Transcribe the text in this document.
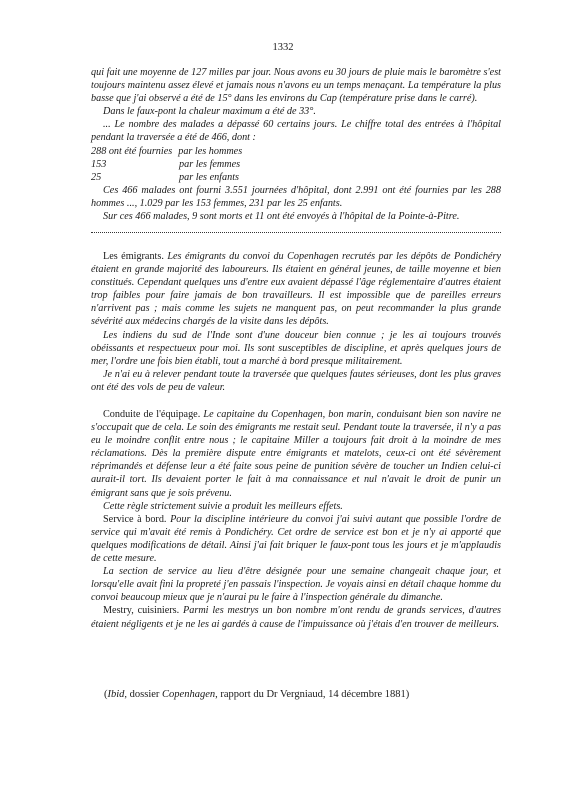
1332

qui fait une moyenne de 127 milles par jour. Nous avons eu 30 jours de pluie mais le baromètre s'est toujours maintenu assez élevé et jamais nous n'avons eu un temps menaçant. La température la plus basse que j'ai observé a été de 15° dans les environs du Cap (température prise dans le carré).

Dans le faux-pont la chaleur maximum a été de 33°.

... Le nombre des malades a dépassé 60 certains jours. Le chiffre total des entrées à l'hôpital pendant la traversée a été de 466, dont :

288 ont été fournies par les hommes
153	par les femmes
25	par les enfants

Ces 466 malades ont fourni 3.551 journées d'hôpital, dont 2.991 ont été fournies par les 288 hommes ..., 1.029 par les 153 femmes, 231 par les 25 enfants.

Sur ces 466 malades, 9 sont morts et 11 ont été envoyés à l'hôpital de la Pointe-à-Pitre.

Les émigrants. Les émigrants du convoi du Copenhagen recrutés par les dépôts de Pondichéry étaient en grande majorité des laboureurs. Ils étaient en général jeunes, de taille moyenne et bien constitués. Cependant quelques uns d'entre eux avaient dépassé l'âge réglementaire d'autres étaient trop faibles pour faire jamais de bon travailleurs. Il est impossible que de pareilles erreurs n'arrivent pas ; mais comme les sujets ne manquent pas, on peut recommander la plus grande sévérité aux médecins chargés de la visite dans les dépôts.

Les indiens du sud de l'Inde sont d'une douceur bien connue ; je les ai toujours trouvés obéissants et respectueux pour moi. Ils sont susceptibles de discipline, et après quelques jours de mer, l'ordre une fois bien établi, tout a marché à bord presque militairement.

Je n'ai eu à relever pendant toute la traversée que quelques fautes sérieuses, dont les plus graves ont été des vols de peu de valeur.

Conduite de l'équipage. Le capitaine du Copenhagen, bon marin, conduisant bien son navire ne s'occupait que de cela. Le soin des émigrants me restait seul. Pendant toute la traversée, il n'y a pas eu le moindre conflit entre nous ; le capitaine Miller a toujours fait droit à la moindre de mes réclamations. Dès la première dispute entre émigrants et matelots, ceux-ci ont été sévèrement réprimandés et défense leur a été faite sous peine de punition sévère de toucher un Indien celui-ci aurait-il tort. Ils devaient porter le fait à ma connaissance et nul n'avait le droit de punir un émigrant sans que je sois prévenu.

Cette règle strictement suivie a produit les meilleurs effets.

Service à bord. Pour la discipline intérieure du convoi j'ai suivi autant que possible l'ordre de service qui m'avait été remis à Pondichéry. Cet ordre de service est bon et je n'y ai apporté que quelques modifications de détail. Ainsi j'ai fait briquer le faux-pont tous les jours et je m'applaudis de cette mesure.

La section de service au lieu d'être désignée pour une semaine changeait chaque jour, et lorsqu'elle avait fini la propreté j'en passais l'inspection. Je voyais ainsi en détail chaque homme du convoi beaucoup mieux que je n'aurai pu le faire à l'inspection générale du dimanche.

Mestry, cuisiniers. Parmi les mestrys un bon nombre m'ont rendu de grands services, d'autres étaient négligents et je ne les ai gardés à cause de l'impuissance où j'étais d'en trouver de meilleurs.

(Ibid, dossier Copenhagen, rapport du Dr Vergniaud, 14 décembre 1881)
